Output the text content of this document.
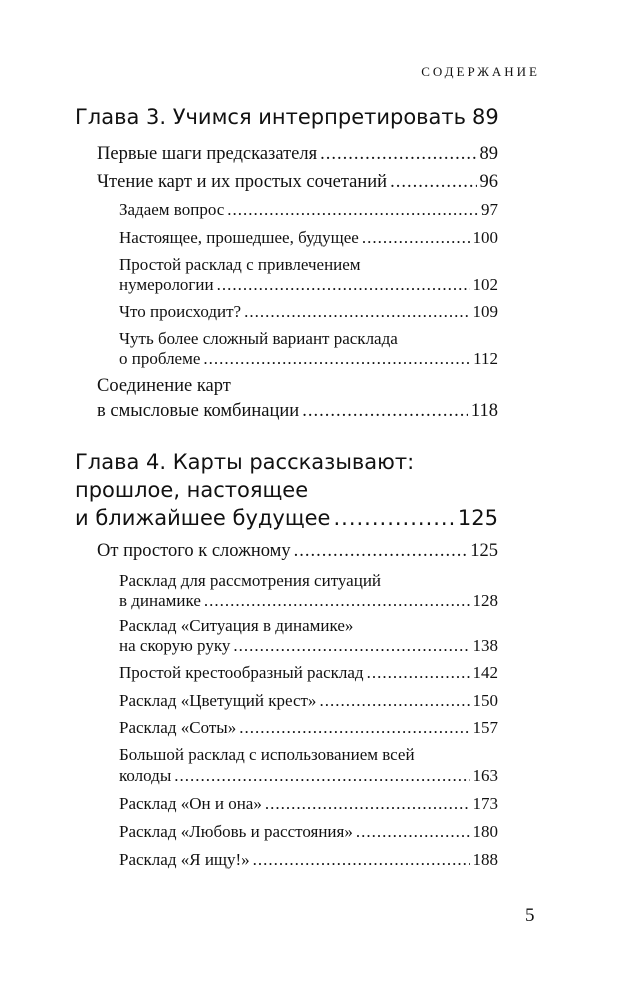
СОДЕРЖАНИЕ
Глава 3. Учимся интерпретировать 89
Первые шаги предсказателя .....	89
Чтение карт и их простых сочетаний .....	96
Задаем вопрос .....	97
Настоящее, прошедшее, будущее .....	100
Простой расклад с привлечением
нумерологии .....	102
Что происходит? .....	109
Чуть более сложный вариант расклада
о проблеме .....	112
Соединение карт
в смысловые комбинации .....	118
Глава 4. Карты рассказывают:
прошлое, настоящее
и ближайшее будущее .....	125
От простого к сложному .....	125
Расклад для рассмотрения ситуаций
в динамике .....	128
Расклад «Ситуация в динамике»
на скорую руку .....	138
Простой крестообразный расклад .....	142
Расклад «Цветущий крест» .....	150
Расклад «Соты» .....	157
Большой расклад с использованием всей
колоды .....	163
Расклад «Он и она» .....	173
Расклад «Любовь и расстояния» .....	180
Расклад «Я ищу!» .....	188
5
